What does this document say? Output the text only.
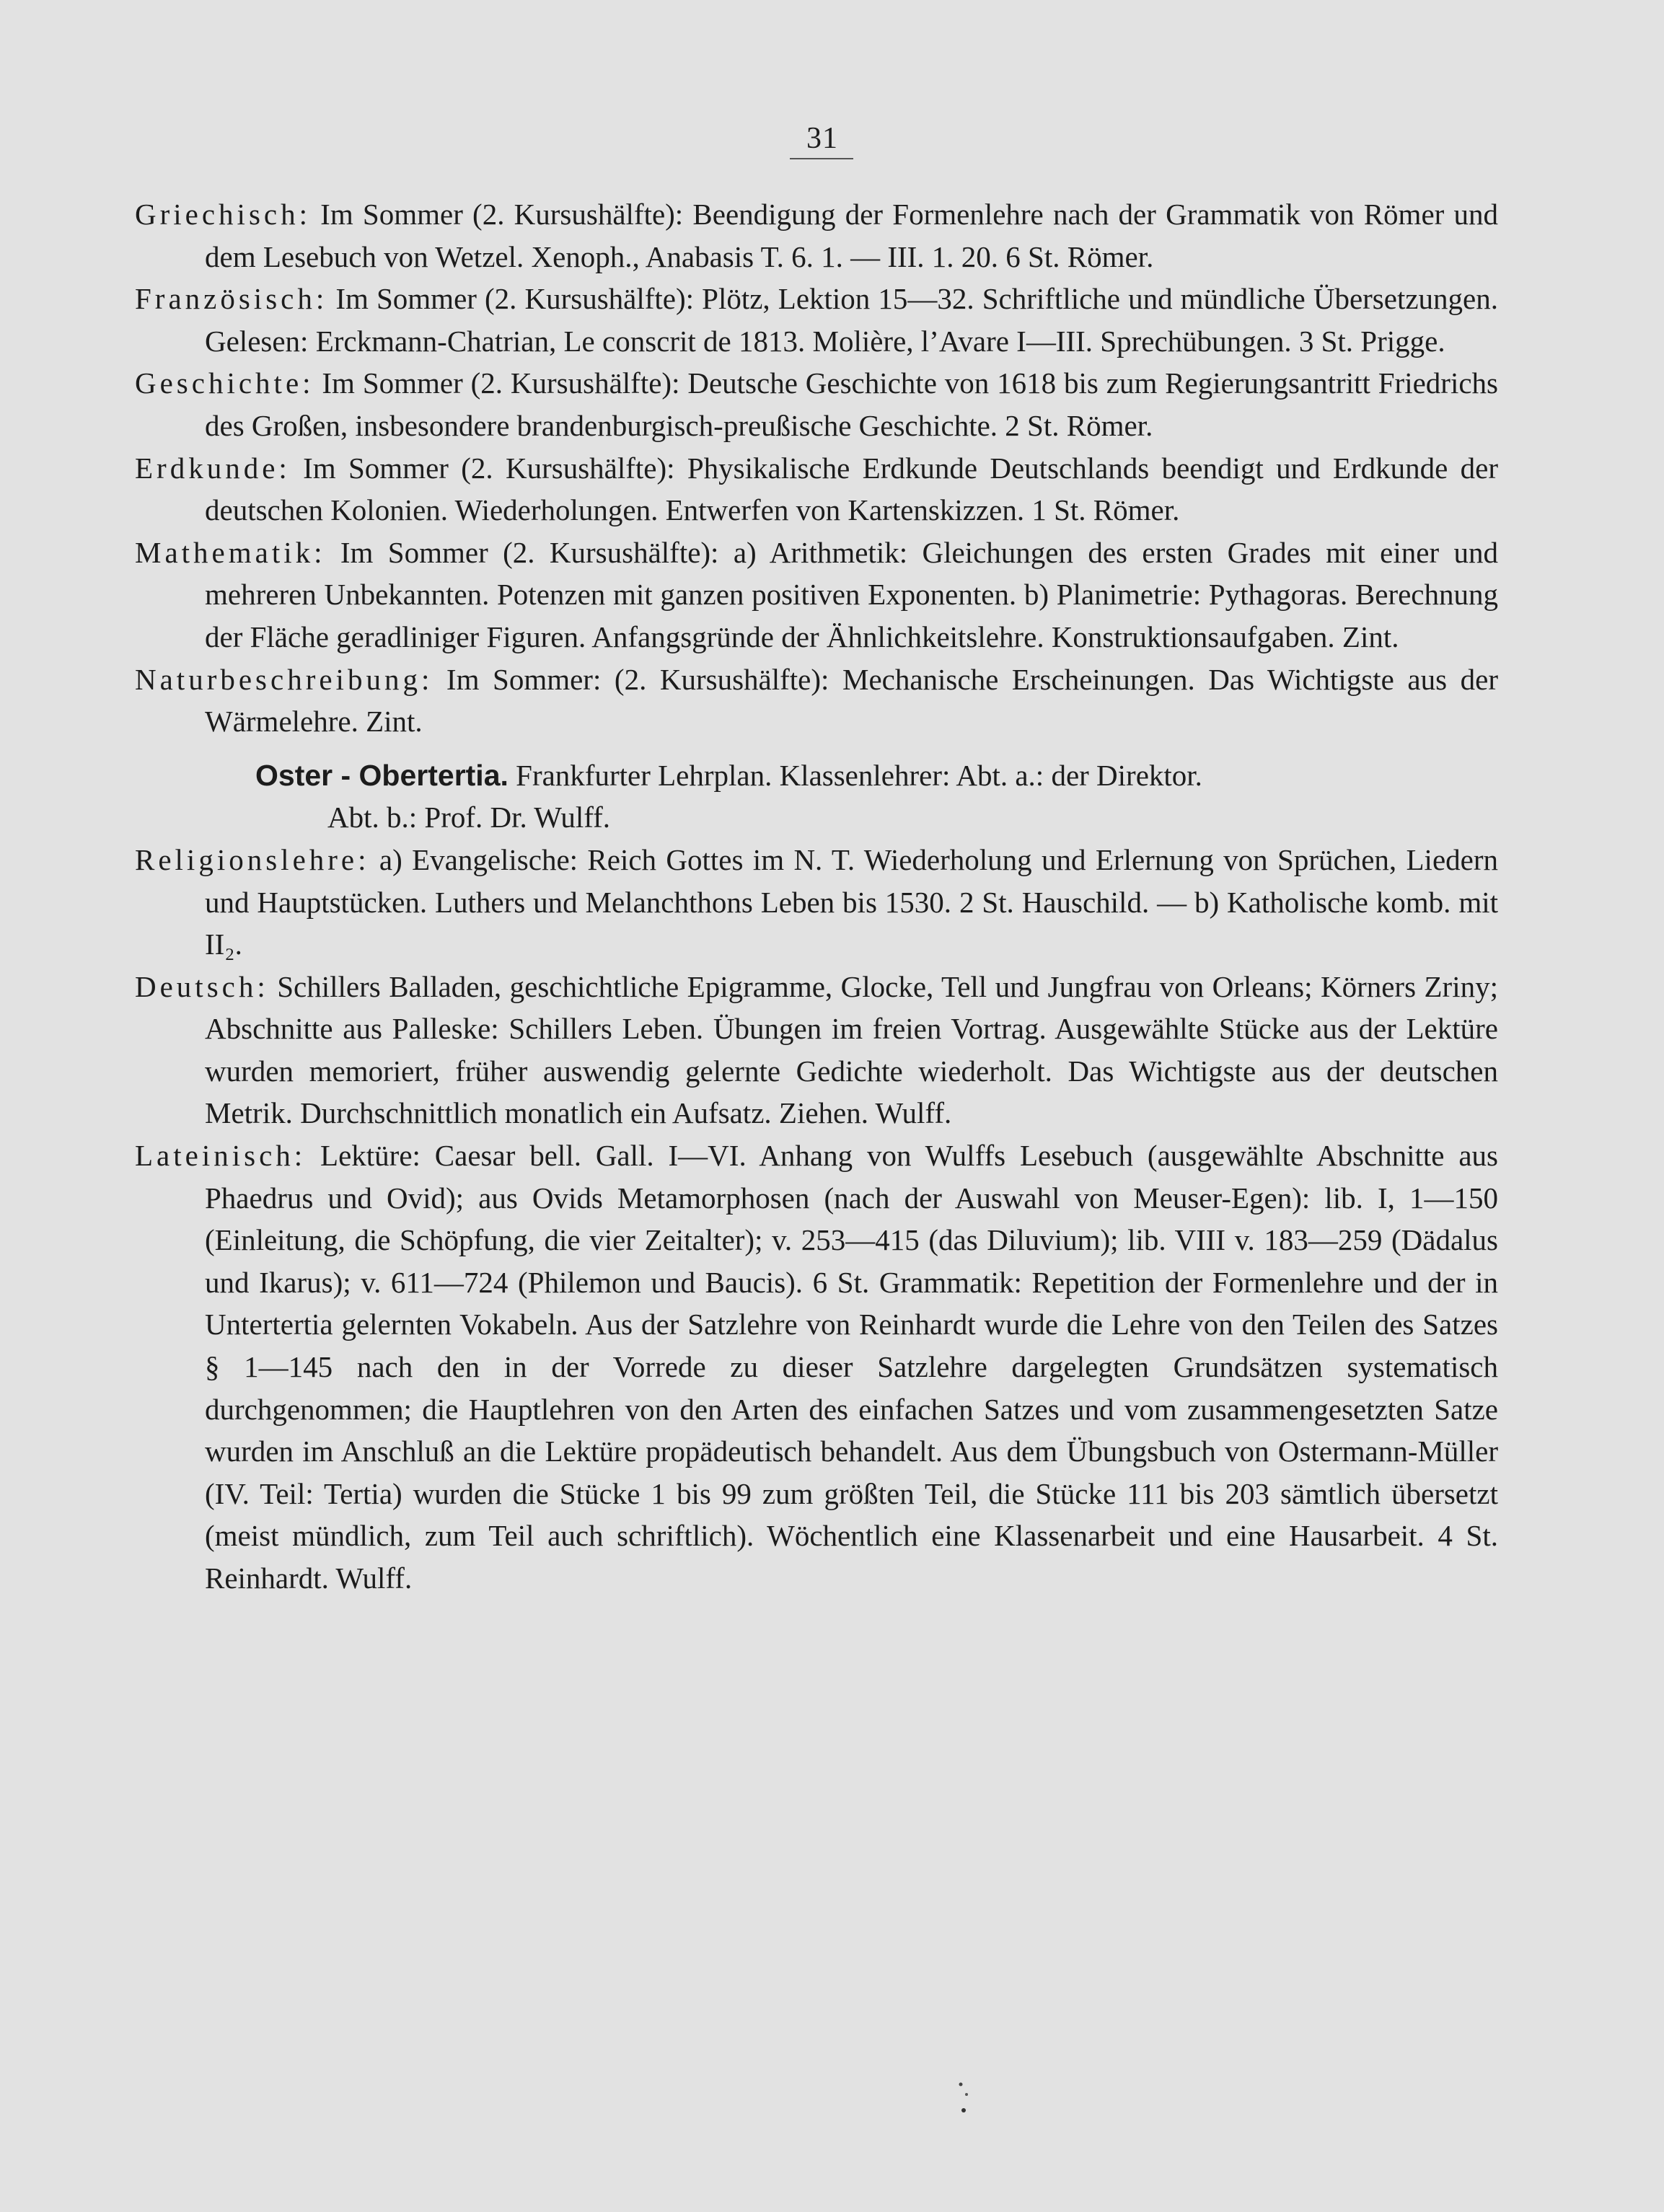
31

Griechisch: Im Sommer (2. Kursushälfte): Beendigung der Formenlehre nach der Grammatik von Römer und dem Lesebuch von Wetzel. Xenoph., Anabasis T. 6. 1. — III. 1. 20. 6 St. Römer.

Französisch: Im Sommer (2. Kursushälfte): Plötz, Lektion 15—32. Schriftliche und mündliche Übersetzungen. Gelesen: Erckmann-Chatrian, Le conscrit de 1813. Molière, l’Avare I—III. Sprechübungen. 3 St. Prigge.

Geschichte: Im Sommer (2. Kursushälfte): Deutsche Geschichte von 1618 bis zum Regierungsantritt Friedrichs des Großen, insbesondere brandenburgisch-preußische Geschichte. 2 St. Römer.

Erdkunde: Im Sommer (2. Kursushälfte): Physikalische Erdkunde Deutschlands beendigt und Erdkunde der deutschen Kolonien. Wiederholungen. Entwerfen von Kartenskizzen. 1 St. Römer.

Mathematik: Im Sommer (2. Kursushälfte): a) Arithmetik: Gleichungen des ersten Grades mit einer und mehreren Unbekannten. Potenzen mit ganzen positiven Exponenten. b) Planimetrie: Pythagoras. Berechnung der Fläche geradliniger Figuren. Anfangsgründe der Ähnlichkeitslehre. Konstruktionsaufgaben. Zint.

Naturbeschreibung: Im Sommer: (2. Kursushälfte): Mechanische Erscheinungen. Das Wichtigste aus der Wärmelehre. Zint.

Oster - Obertertia. Frankfurter Lehrplan. Klassenlehrer: Abt. a.: der Direktor.
Abt. b.: Prof. Dr. Wulff.

Religionslehre: a) Evangelische: Reich Gottes im N. T. Wiederholung und Erlernung von Sprüchen, Liedern und Hauptstücken. Luthers und Melanchthons Leben bis 1530. 2 St. Hauschild. — b) Katholische komb. mit II₂.

Deutsch: Schillers Balladen, geschichtliche Epigramme, Glocke, Tell und Jungfrau von Orleans; Körners Zriny; Abschnitte aus Palleske: Schillers Leben. Übungen im freien Vortrag. Ausgewählte Stücke aus der Lektüre wurden memoriert, früher auswendig gelernte Gedichte wiederholt. Das Wichtigste aus der deutschen Metrik. Durchschnittlich monatlich ein Aufsatz. Ziehen. Wulff.

Lateinisch: Lektüre: Caesar bell. Gall. I—VI. Anhang von Wulffs Lesebuch (ausgewählte Abschnitte aus Phaedrus und Ovid); aus Ovids Metamorphosen (nach der Auswahl von Meuser-Egen): lib. I, 1—150 (Einleitung, die Schöpfung, die vier Zeitalter); v. 253—415 (das Diluvium); lib. VIII v. 183—259 (Dädalus und Ikarus); v. 611—724 (Philemon und Baucis). 6 St. Grammatik: Repetition der Formenlehre und der in Untertertia gelernten Vokabeln. Aus der Satzlehre von Reinhardt wurde die Lehre von den Teilen des Satzes § 1—145 nach den in der Vorrede zu dieser Satzlehre dargelegten Grundsätzen systematisch durchgenommen; die Hauptlehren von den Arten des einfachen Satzes und vom zusammengesetzten Satze wurden im Anschluß an die Lektüre propädeutisch behandelt. Aus dem Übungsbuch von Ostermann-Müller (IV. Teil: Tertia) wurden die Stücke 1 bis 99 zum größten Teil, die Stücke 111 bis 203 sämtlich übersetzt (meist mündlich, zum Teil auch schriftlich). Wöchentlich eine Klassenarbeit und eine Hausarbeit. 4 St. Reinhardt. Wulff.
